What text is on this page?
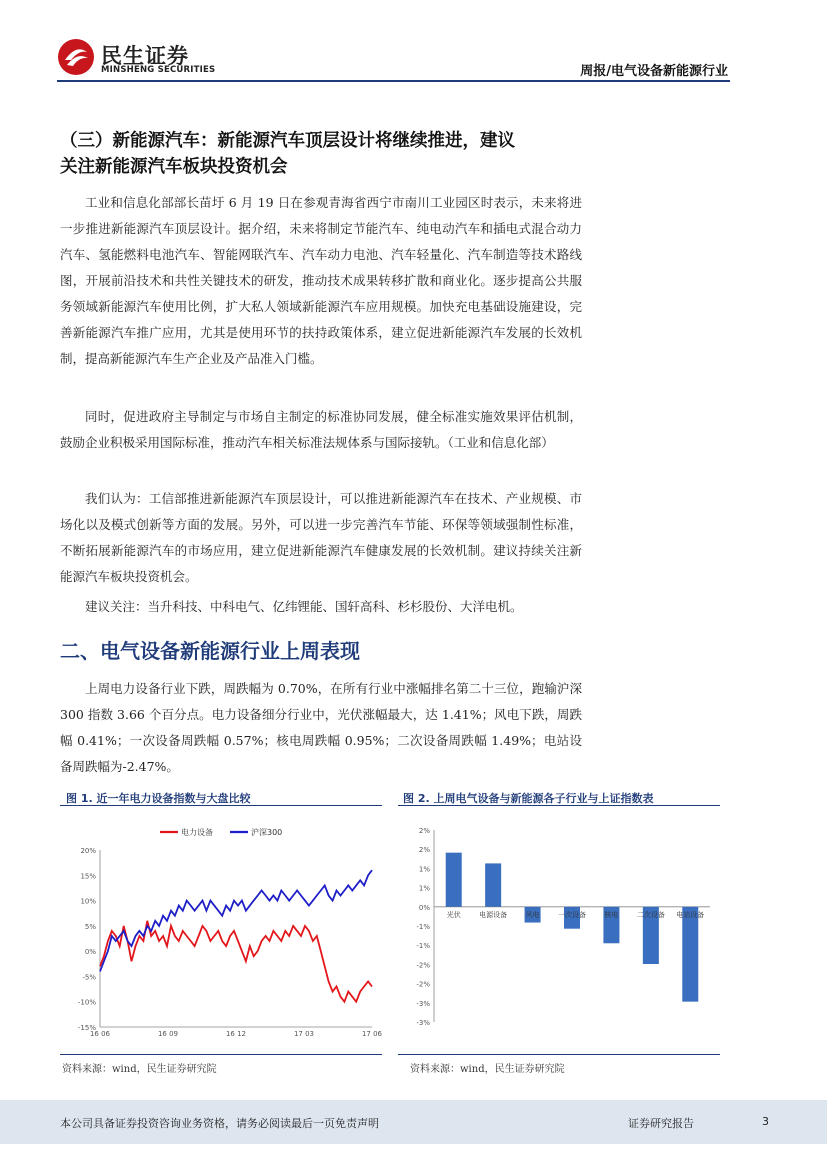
民生证券
MINSHENG SECURITIES	周报/电气设备新能源行业
（三）新能源汽车：新能源汽车顶层设计将继续推进，建议
关注新能源汽车板块投资机会
工业和信息化部部长苗圩 6 月 19 日在参观青海省西宁市南川工业园区时表示，未来将进一步推进新能源汽车顶层设计。据介绍，未来将制定节能汽车、纯电动汽车和插电式混合动力汽车、氢能燃料电池汽车、智能网联汽车、汽车动力电池、汽车轻量化、汽车制造等技术路线图，开展前沿技术和共性关键技术的研发，推动技术成果转移扩散和商业化。逐步提高公共服务领域新能源汽车使用比例，扩大私人领域新能源汽车应用规模。加快充电基础设施建设，完善新能源汽车推广应用，尤其是使用环节的扶持政策体系，建立促进新能源汽车发展的长效机制，提高新能源汽车生产企业及产品准入门槛。
同时，促进政府主导制定与市场自主制定的标准协同发展，健全标准实施效果评估机制，鼓励企业积极采用国际标准，推动汽车相关标准法规体系与国际接轨。（工业和信息化部）
我们认为：工信部推进新能源汽车顶层设计，可以推进新能源汽车在技术、产业规模、市场化以及模式创新等方面的发展。另外，可以进一步完善汽车节能、环保等领域强制性标准，不断拓展新能源汽车的市场应用，建立促进新能源汽车健康发展的长效机制。建议持续关注新能源汽车板块投资机会。
建议关注：当升科技、中科电气、亿纬锂能、国轩高科、杉杉股份、大洋电机。
二、电气设备新能源行业上周表现
上周电力设备行业下跌，周跌幅为 0.70%，在所有行业中涨幅排名第二十三位，跑输沪深 300 指数 3.66 个百分点。电力设备细分行业中，光伏涨幅最大，达 1.41%；风电下跌，周跌幅 0.41%；一次设备周跌幅 0.57%；核电周跌幅 0.95%；二次设备周跌幅 1.49%；电站设备周跌幅为-2.47%。
图 1. 近一年电力设备指数与大盘比较	图 2. 上周电气设备与新能源各子行业与上证指数表
20%
15%
10%
5%
0%
-5%
-10%
-15%
16 06	16 09	16 12	17 03	17 06
电力设备	沪深300	2%
2%
1%
1%
0%
-1%
-1%
-2%
-2%
-3%
-3%
光伏	电源设备	风电	一次设备	核电	二次设备 电站设备
资料来源：wind，民生证券研究院	资料来源：wind，民生证券研究院
本公司具备证券投资咨询业务资格，请务必阅读最后一页免责声明	证券研究报告	3
